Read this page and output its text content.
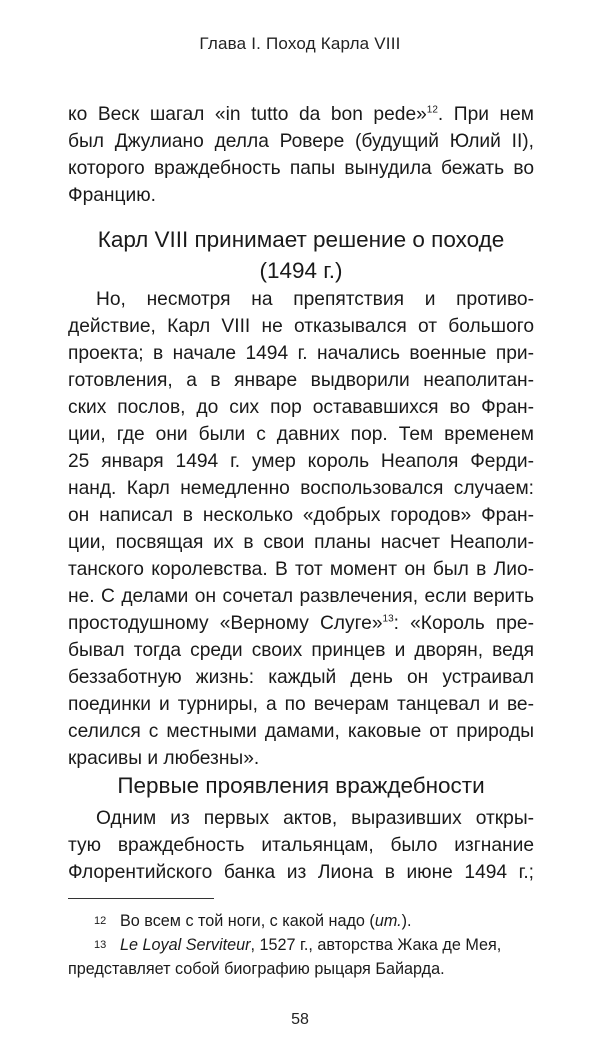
Глава I. Поход Карла VIII
ко Веск шагал «in tutto da bon pede»$^{12}$. При нем
был Джулиано делла Ровере (будущий Юлий II),
которого враждебность папы вынудила бежать во
Францию.
Карл VIII принимает решение о походе
(1494 г.)
Но, несмотря на препятствия и противо-
действие, Карл VIII не отказывался от большого
проекта; в начале 1494 г. начались военные при-
готовления, а в январе выдворили неаполитан-
ских послов, до сих пор остававшихся во Фран-
ции, где они были с давних пор. Тем временем
25 января 1494 г. умер король Неаполя Ферди-
нанд. Карл немедленно воспользовался случаем:
он написал в несколько «добрых городов» Фран-
ции, посвящая их в свои планы насчет Неаполи-
танского королевства. В тот момент он был в Лио-
не. С делами он сочетал развлечения, если верить
простодушному «Верному Слуге»$^{13}$: «Король пре-
бывал тогда среди своих принцев и дворян, ведя
беззаботную жизнь: каждый день он устраивал
поединки и турниры, а по вечерам танцевал и ве-
селился с местными дамами, каковые от природы
красивы и любезны».
Первые проявления враждебности
Одним из первых актов, выразивших откры-
тую враждебность итальянцам, было изгнание
Флорентийского банка из Лиона в июне 1494 г.;
12 Во всем с той ноги, с какой надо (ит.).
13 Le Loyal Serviteur, 1527 г., авторства Жака де Мея,
представляет собой биографию рыцаря Байарда.
58
